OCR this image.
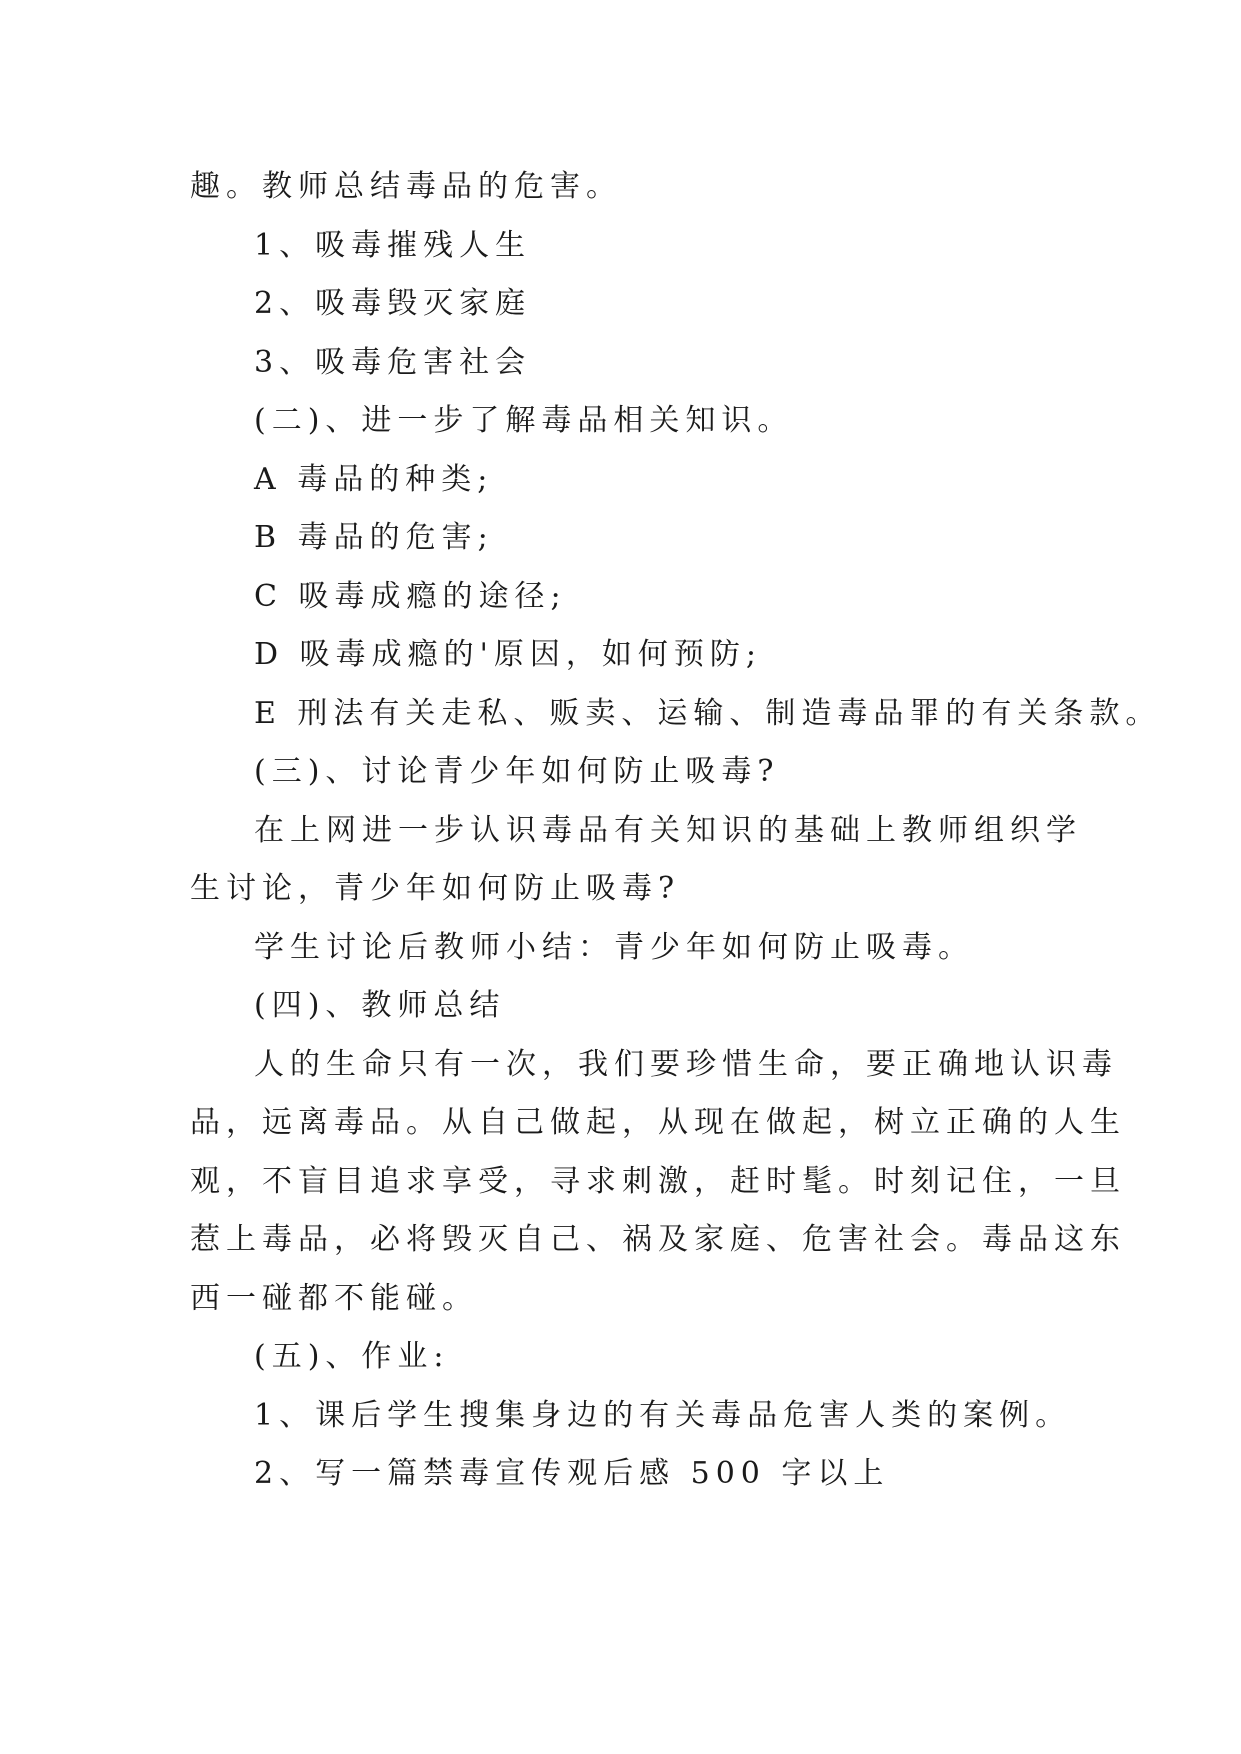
趣。教师总结毒品的危害。

1、吸毒摧残人生

2、吸毒毁灭家庭

3、吸毒危害社会

(二)、进一步了解毒品相关知识。

A 毒品的种类;

B 毒品的危害;

C 吸毒成瘾的途径;

D 吸毒成瘾的'原因，如何预防;

E 刑法有关走私、贩卖、运输、制造毒品罪的有关条款。

(三)、讨论青少年如何防止吸毒?

在上网进一步认识毒品有关知识的基础上教师组织学

生讨论，青少年如何防止吸毒?

学生讨论后教师小结：青少年如何防止吸毒。

(四)、教师总结

人的生命只有一次，我们要珍惜生命，要正确地认识毒

品，远离毒品。从自己做起，从现在做起，树立正确的人生

观，不盲目追求享受，寻求刺激，赶时髦。时刻记住，一旦

惹上毒品，必将毁灭自己、祸及家庭、危害社会。毒品这东

西一碰都不能碰。

(五)、作业:

1、课后学生搜集身边的有关毒品危害人类的案例。

2、写一篇禁毒宣传观后感 500 字以上
